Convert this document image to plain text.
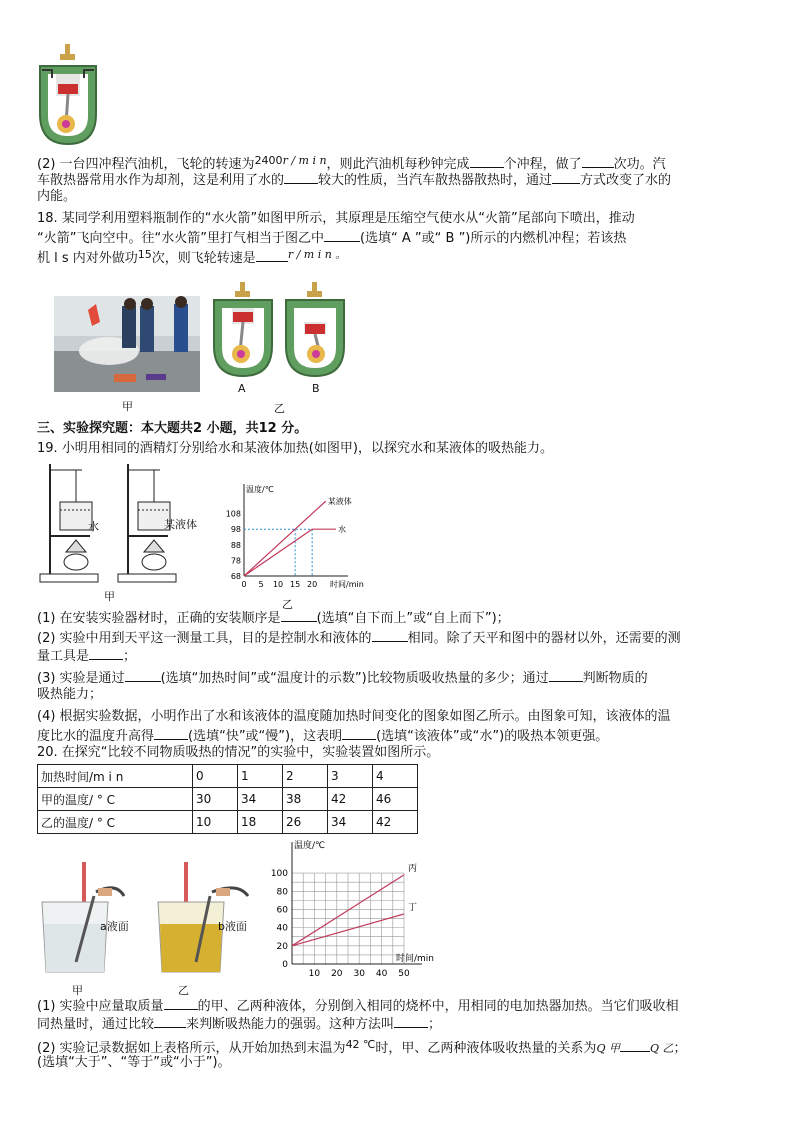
(2) 一台四冲程汽油机，飞轮的转速为$^{2400r / m i n}$，则此汽油机每秒钟完成	个冲程，做了 次功。汽
车散热器常用水作为却剂，这是利用了水的	较大的性质，当汽车散热器散热时，通过 方式改变了水的
内能。
18. 某同学利用塑料瓶制作的“水火箭”如图甲所示，其原理是压缩空气使水从“火箭”尾部向下喷出，推动
“火箭”飞向空中。往“水火箭”里打气相当于图乙中	(选填“ A ”或“ B ”)所示的内燃机冲程；若该热
机 l s 内对外做功$^{15}$次，则飞轮转速是	$^{r / m i n 。}$
甲
A	B
乙
三、实验探究题：本大题共2 小题，共12 分。
19. 小明用相同的酒精灯分别给水和某液体加热(如图甲)，以探究水和某液体的吸热能力。
水	某液体
甲
温度/℃
时间/min
68
78
88
98
108
0 5 10 15 20
某液体
水
乙
(1) 在安装实验器材时，正确的安装顺序是	(选填“自下而上”或“自上而下”)；
(2) 实验中用到天平这一测量工具，目的是控制水和液体的	相同。除了天平和图中的器材以外，还需要的测
量工具是	；
(3) 实验是通过	(选填“加热时间”或“温度计的示数”)比较物质吸收热量的多少；通过	判断物质的
吸热能力；
(4) 根据实验数据，小明作出了水和该液体的温度随加热时间变化的图象如图乙所示。由图象可知，该液体的温
度比水的温度升高得	(选填“快”或“慢”)，这表明	(选填“该液体”或“水”)的吸热本领更强。
20. 在探究“比较不同物质吸热的情况”的实验中，实验装置如图所示。
加热时间/m i n	0	1	2	3	4
甲的温度/ ° C	30	34	38	42	46
乙的温度/ ° C	10	18	26	34	42
a液面
甲
b液面
乙
温度/℃
时间/min
0
20
40
60
80
100
10 20 30 40 50
丙
丁
(1) 实验中应量取质量	的甲、乙两种液体，分别倒入相同的烧杯中，用相同的电加热器加热。当它们吸收相
同热量时，通过比较 来判断吸热能力的强弱。这种方法叫	；
(2) 实验记录数据如上表格所示，从开始加热到末温为$^{42 ℃}$时，甲、乙两种液体吸收热量的关系为Q 甲	Q 乙；
(选填“大于”、“等于”或“小于”)。
